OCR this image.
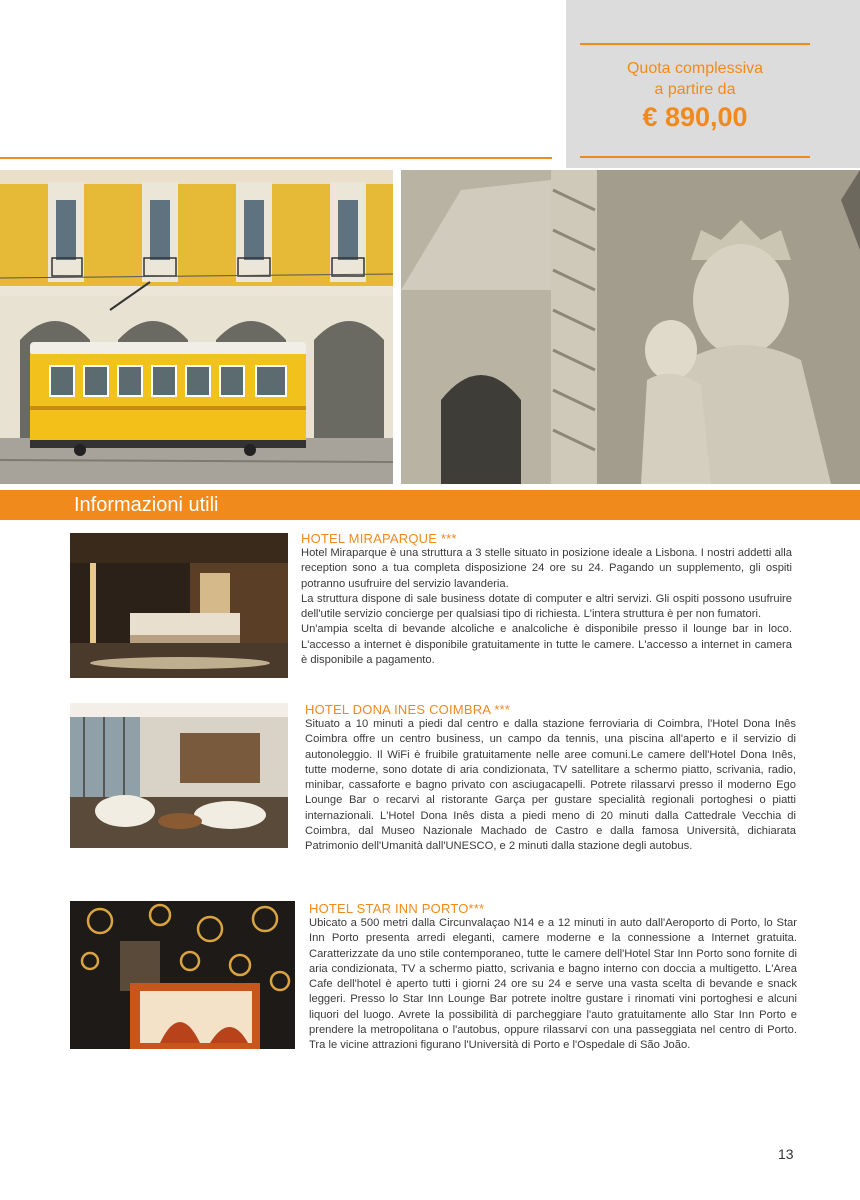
Quota complessiva
a partire da
€ 890,00
Informazioni utili
HOTEL MIRAPARQUE ***
Hotel Miraparque è una struttura a 3 stelle situato in posizione ideale a Lisbona. I nostri addetti alla reception sono a tua completa disposizione 24 ore su 24. Pagando un supplemento, gli ospiti potranno usufruire del servizio lavanderia.
La struttura dispone di sale business dotate di computer e altri servizi. Gli ospiti possono usufruire dell'utile servizio concierge per qualsiasi tipo di richiesta. L'intera struttura è per non fumatori.
Un'ampia scelta di bevande alcoliche e analcoliche è disponibile presso il lounge bar in loco. L'accesso a internet è disponibile gratuitamente in tutte le camere. L'accesso a internet in camera è disponibile a pagamento.
HOTEL DONA INES COIMBRA ***
Situato a 10 minuti a piedi dal centro e dalla stazione ferroviaria di Coimbra, l'Hotel Dona Inês Coimbra offre un centro business, un campo da tennis, una piscina all'aperto e il servizio di autonoleggio. Il WiFi è fruibile gratuitamente nelle aree comuni.Le camere dell'Hotel Dona Inês, tutte moderne, sono dotate di aria condizionata, TV satellitare a schermo piatto, scrivania, radio, minibar, cassaforte e bagno privato con asciugacapelli. Potrete rilassarvi presso il moderno Ego Lounge Bar o recarvi al ristorante Garça per gustare specialità regionali portoghesi o piatti internazionali. L'Hotel Dona Inês dista a piedi meno di 20 minuti dalla Cattedrale Vecchia di Coimbra, dal Museo Nazionale Machado de Castro e dalla famosa Università, dichiarata Patrimonio dell'Umanità dall'UNESCO, e 2 minuti dalla stazione degli autobus.
HOTEL STAR INN PORTO***
Ubicato a 500 metri dalla Circunvalaçao N14 e a 12 minuti in auto dall'Aeroporto di Porto, lo Star Inn Porto presenta arredi eleganti, camere moderne e la connessione a Internet gratuita. Caratterizzate da uno stile contemporaneo, tutte le camere dell'Hotel Star Inn Porto sono fornite di aria condizionata, TV a schermo piatto, scrivania e bagno interno con doccia a multigetto. L'Area Cafe dell'hotel è aperto tutti i giorni 24 ore su 24 e serve una vasta scelta di bevande e snack leggeri. Presso lo Star Inn Lounge Bar potrete inoltre gustare i rinomati vini portoghesi e alcuni liquori del luogo. Avrete la possibilità di parcheggiare l'auto gratuitamente allo Star Inn Porto e prendere la metropolitana o l'autobus, oppure rilassarvi con una passeggiata nel centro di Porto. Tra le vicine attrazioni figurano l'Università di Porto e l'Ospedale di São João.
13
